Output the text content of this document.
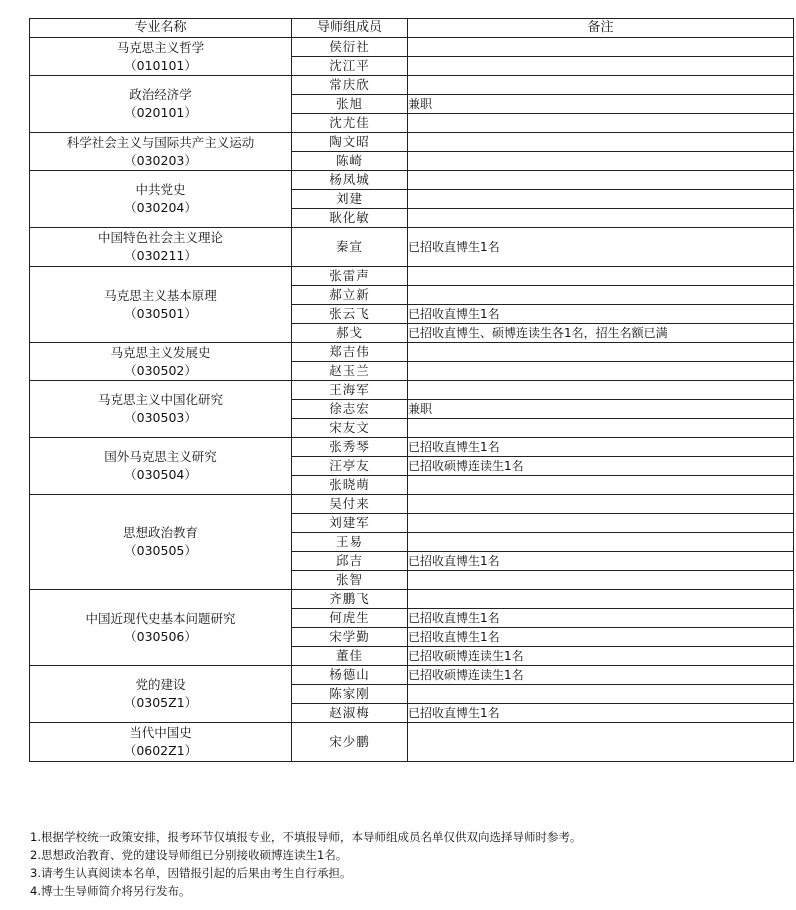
专业名称	导师组成员	备注

马克思主义哲学
（010101）	侯衍社	
	沈江平	

政治经济学
（020101）	常庆欣	
	张旭	兼职
	沈尤佳	

科学社会主义与国际共产主义运动
（030203）	陶文昭	
	陈崎	

中共党史
（030204）	杨凤城	
	刘建	
	耿化敏	

中国特色社会主义理论
（030211）	秦宣	已招收直博生1名

马克思主义基本原理
（030501）	张雷声	
	郝立新	
	张云飞	已招收直博生1名
	郝戈	已招收直博生、硕博连读生各1名，招生名额已满

马克思主义发展史
（030502）	郑吉伟	
	赵玉兰	

马克思主义中国化研究
（030503）	王海军	
	徐志宏	兼职
	宋友文	

国外马克思主义研究
（030504）	张秀琴	已招收直博生1名
	汪亭友	已招收硕博连读生1名
	张晓萌	

思想政治教育
（030505）	吴付来	
	刘建军	
	王易	
	邱吉	已招收直博生1名
	张智	

中国近现代史基本问题研究
（030506）	齐鹏飞	
	何虎生	已招收直博生1名
	宋学勤	已招收直博生1名
	董佳	已招收硕博连读生1名

党的建设
（0305Z1）	杨德山	已招收硕博连读生1名
	陈家刚	
	赵淑梅	已招收直博生1名

当代中国史
（0602Z1）	宋少鹏	
1.根据学校统一政策安排，报考环节仅填报专业，不填报导师，本导师组成员名单仅供双向选择导师时参考。
2.思想政治教育、党的建设导师组已分别接收硕博连读生1名。
3.请考生认真阅读本名单，因错报引起的后果由考生自行承担。
4.博士生导师简介将另行发布。
